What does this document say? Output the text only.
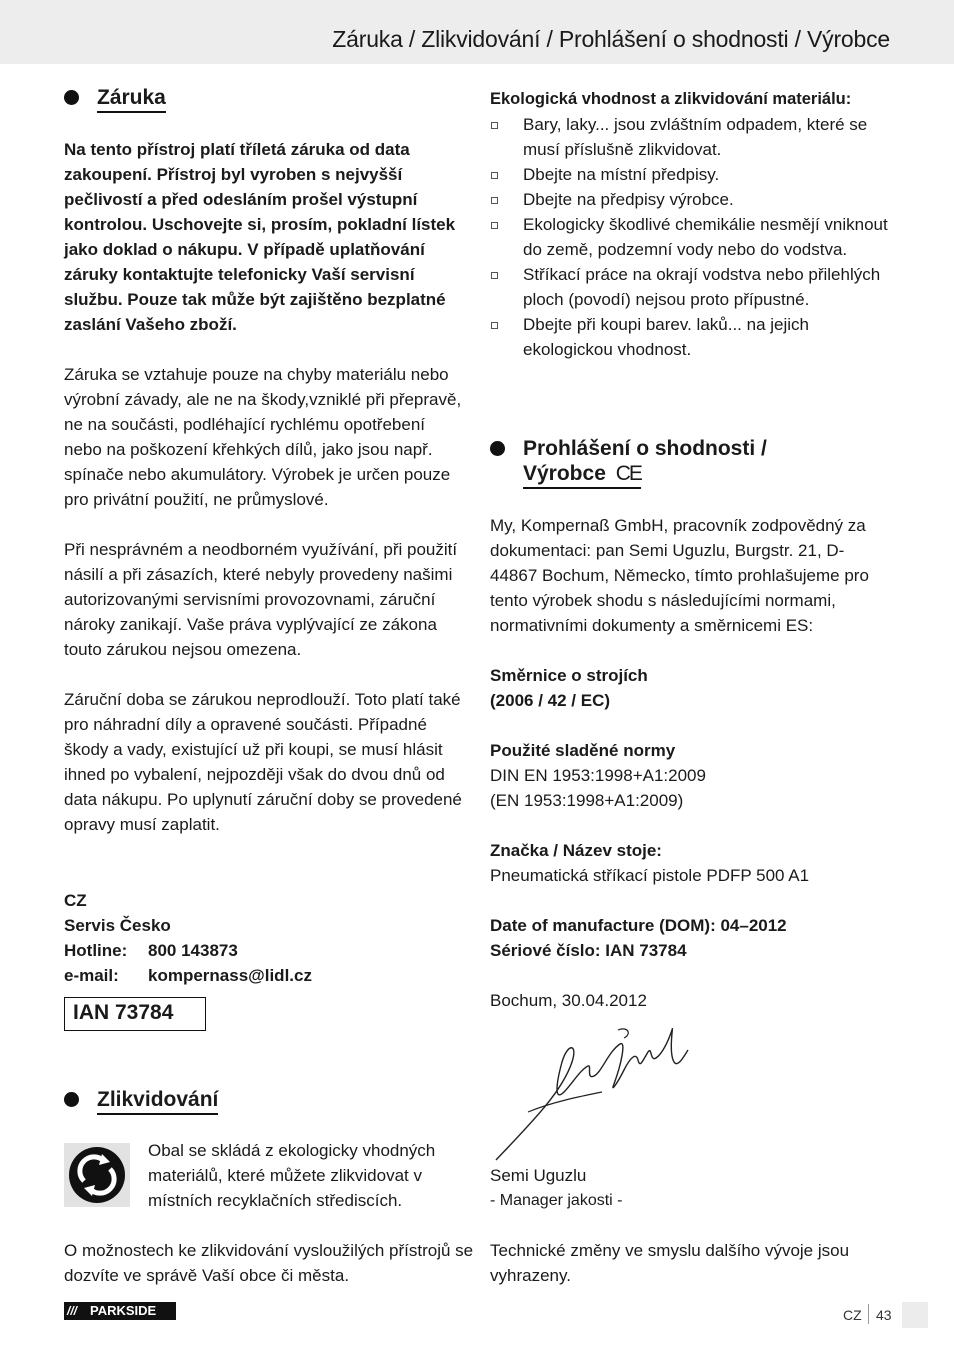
Záruka / Zlikvidování / Prohlášení o shodnosti / Výrobce
Záruka

Na tento přístroj platí tříletá záruka od data zakoupení. Přístroj byl vyroben s nejvyšší pečlivostí a před odesláním prošel výstupní kontrolou. Uschovejte si, prosím, pokladní lístek jako doklad o nákupu. V případě uplatňování záruky kontaktujte telefonicky Vaší servisní službu. Pouze tak může být zajištěno bezplatné zaslání Vašeho zboží.

Záruka se vztahuje pouze na chyby materiálu nebo výrobní závady, ale ne na škody,vzniklé při přepravě, ne na součásti, podléhající rychlému opotřebení nebo na poškození křehkých dílů, jako jsou např. spínače nebo akumulátory. Výrobek je určen pouze pro privátní použití, ne průmyslové.

Při nesprávném a neodborném využívání, při použití násilí a při zásazích, které nebyly provedeny našimi autorizovanými servisními provozovnami, záruční nároky zanikají. Vaše práva vyplývající ze zákona touto zárukou nejsou omezena.

Záruční doba se zárukou neprodlouží. Toto platí také pro náhradní díly a opravené součásti. Případné škody a vady, existující už při koupi, se musí hlásit ihned po vybalení, nejpozději však do dvou dnů od data nákupu. Po uplynutí záruční doby se provedené opravy musí zaplatit.

CZ

Servis Česko

Hotline:	800 143873

e-mail:	kompernass@lidl.cz

IAN 73784
Zlikvidování

Obal se skládá z ekologicky vhodných materiálů, které můžete zlikvidovat v místních recyklačních střediscích.

O možnostech ke zlikvidování vysloužilých přístrojů se dozvíte ve správě Vaší obce či města.

Ekologická vhodnost a zlikvidování materiálu:

Bary, laky... jsou zvláštním odpadem, které se musí příslušně zlikvidovat.
Dbejte na místní předpisy.
Dbejte na předpisy výrobce.
Ekologicky škodlivé chemikálie nesmějí vniknout do země, podzemní vody nebo do vodstva.
Stříkací práce na okrají vodstva nebo přilehlých ploch (povodí) nejsou proto přípustné.
Dbejte při koupi barev. laků... na jejich ekologickou vhodnost.
Prohlášení o shodnosti /
Výrobce CE

My, Kompernaß GmbH, pracovník zodpovědný za dokumentaci: pan Semi Uguzlu, Burgstr. 21, D-44867 Bochum, Německo, tímto prohlašujeme pro tento výrobek shodu s následujícími normami, normativními dokumenty a směrnicemi ES:

Směrnice o strojích

(2006 / 42 / EC)

Použité sladěné normy

DIN EN 1953:1998+A1:2009

(EN 1953:1998+A1:2009)

Značka / Název stoje:

Pneumatická stříkací pistole PDFP 500 A1

Date of manufacture (DOM): 04–2012

Sériové číslo: IAN 73784

Bochum, 30.04.2012

Semi Uguzlu

- Manager jakosti -

Technické změny ve smyslu dalšího vývoje jsou vyhrazeny.

/// PARKSIDE	CZ 43
